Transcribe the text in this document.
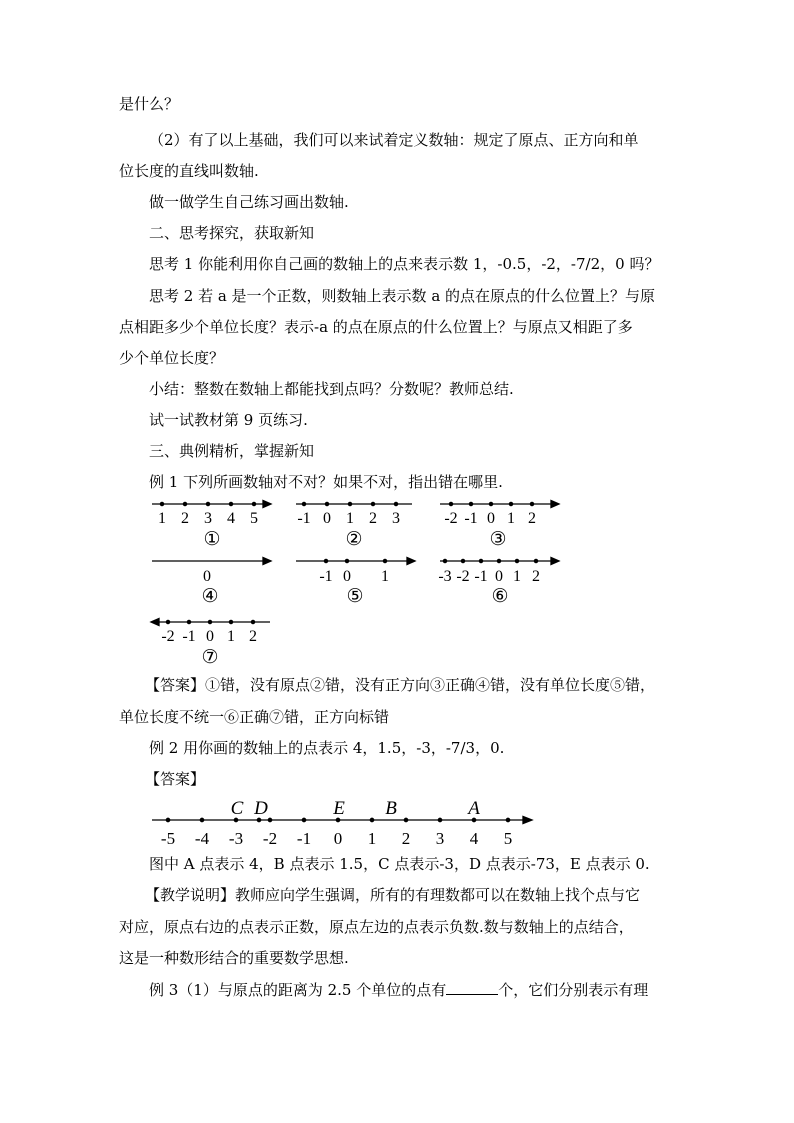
是什么？
（2）有了以上基础，我们可以来试着定义数轴：规定了原点、正方向和单
位长度的直线叫数轴.
做一做学生自己练习画出数轴.
二、思考探究，获取新知
思考 1 你能利用你自己画的数轴上的点来表示数 1，-0.5，-2，-7/2，0 吗？
思考 2 若 a 是一个正数，则数轴上表示数 a 的点在原点的什么位置上？与原
点相距多少个单位长度？表示-a 的点在原点的什么位置上？与原点又相距了多
少个单位长度？
小结：整数在数轴上都能找到点吗？分数呢？教师总结.
试一试教材第 9 页练习.
三、典例精析，掌握新知
例 1 下列所画数轴对不对？如果不对，指出错在哪里.
1 2 3 4 5
①
-1 0 1 2 3
②
-2 -1 0 1 2
③
0
④
-1 0 1
⑤
-3 -2 -1 0 1 2
⑥
-2 -1 0 1 2
⑦
【答案】①错，没有原点②错，没有正方向③正确④错，没有单位长度⑤错，
单位长度不统一⑥正确⑦错，正方向标错
例 2 用你画的数轴上的点表示 4，1.5，-3，-7/3，0.
【答案】
C D	E B	A
-5 -4 -3 -2 -1 0 1 2 3 4 5
图中 A 点表示 4，B 点表示 1.5，C 点表示-3，D 点表示-73，E 点表示 0.
【教学说明】教师应向学生强调，所有的有理数都可以在数轴上找个点与它
对应，原点右边的点表示正数，原点左边的点表示负数.数与数轴上的点结合，
这是一种数形结合的重要数学思想.
例 3（1）与原点的距离为 2.5 个单位的点有	个，它们分别表示有理
